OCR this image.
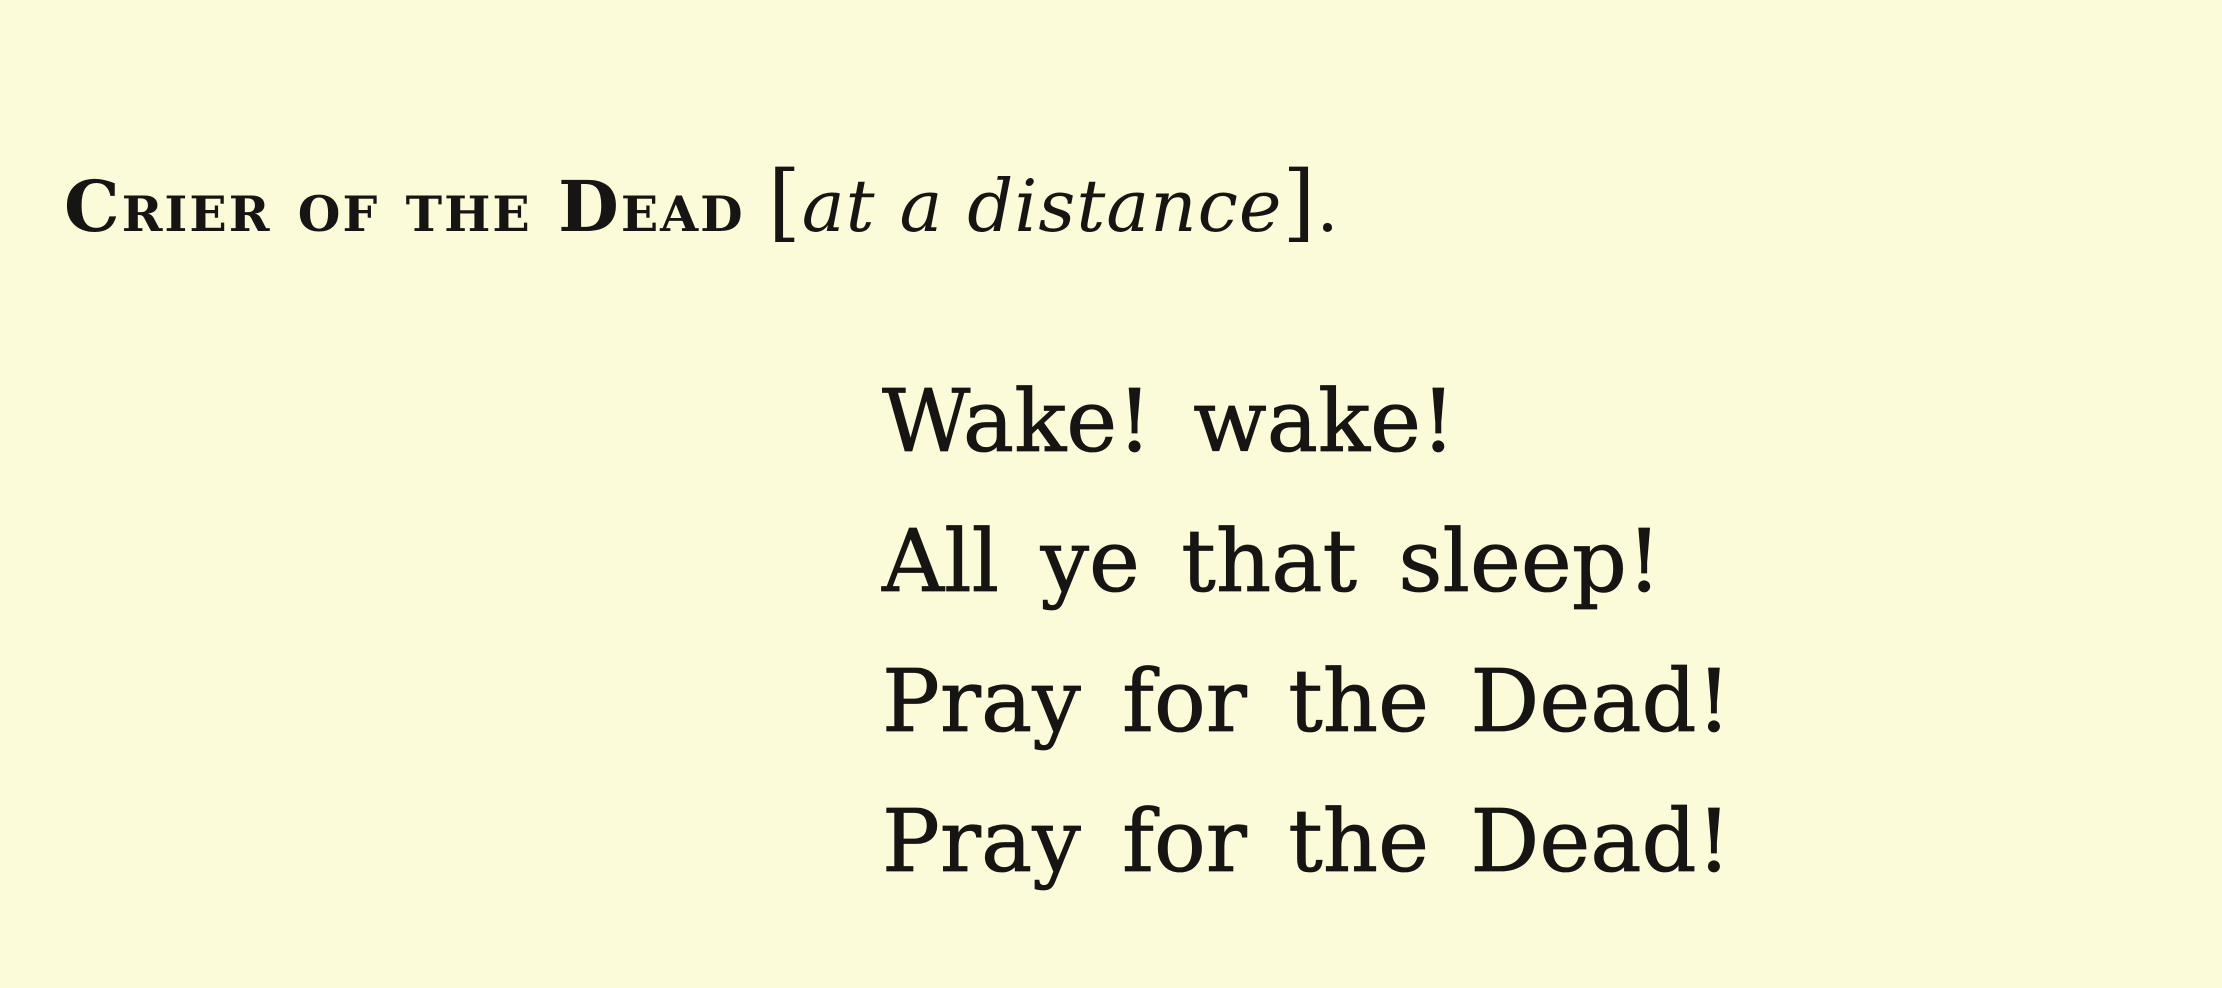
Crier of the Dead [at a distance].
Wake! wake!
All ye that sleep!
Pray for the Dead!
Pray for the Dead!
